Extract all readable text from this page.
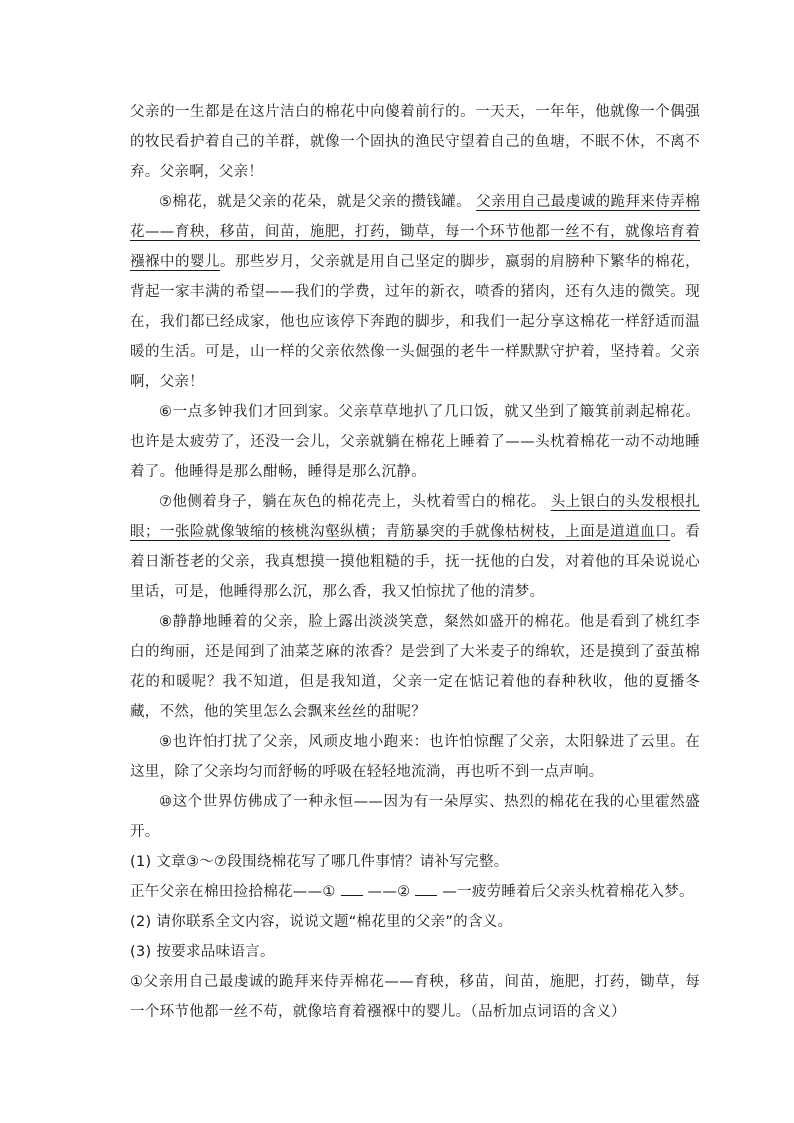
父亲的一生都是在这片洁白的棉花中向傻着前行的。一天天，一年年，他就像一个偶强的牧民看护着自己的羊群，就像一个固执的渔民守望着自己的鱼塘，不眠不休，不离不弃。父亲啊，父亲！

⑤棉花，就是父亲的花朵，就是父亲的攒钱罐。 父亲用自己最虔诚的跪拜来侍弄棉花——育秧，移苗，间苗，施肥，打药，锄草，每一个环节他都一丝不有，就像培育着襁褓中的婴儿。那些岁月，父亲就是用自己坚定的脚步，嬴弱的肩膀种下繁华的棉花，背起一家丰满的希望——我们的学费，过年的新衣，喷香的猪肉，还有久违的微笑。现在，我们都已经成家，他也应该停下奔跑的脚步，和我们一起分享这棉花一样舒适而温暖的生活。可是，山一样的父亲依然像一头倔强的老牛一样默默守护着，坚持着。父亲啊，父亲！

⑥一点多钟我们才回到家。父亲草草地扒了几口饭，就又坐到了簸箕前剥起棉花。也许是太疲劳了，还没一会儿，父亲就躺在棉花上睡着了——头枕着棉花一动不动地睡着了。他睡得是那么酣畅，睡得是那么沉静。

⑦他侧着身子，躺在灰色的棉花壳上，头枕着雪白的棉花。 头上银白的头发根根扎眼；一张险就像皱缩的核桃沟壑纵横；青筋暴突的手就像枯树枝，上面是道道血口。看着日渐苍老的父亲，我真想摸一摸他粗糙的手，抚一抚他的白发，对着他的耳朵说说心里话，可是，他睡得那么沉，那么香，我又怕惊扰了他的清梦。

⑧静静地睡着的父亲，脸上露出淡淡笑意，粲然如盛开的棉花。他是看到了桃红李白的绚丽，还是闻到了油菜芝麻的浓香？是尝到了大米麦子的绵软，还是摸到了蚕茧棉花的和暖呢？我不知道，但是我知道，父亲一定在惦记着他的春种秋收，他的夏播冬藏，不然，他的笑里怎么会飘来丝丝的甜呢？

⑨也许怕打扰了父亲，风顽皮地小跑来：也许怕惊醒了父亲，太阳躲进了云里。在这里，除了父亲均匀而舒畅的呼吸在轻轻地流淌，再也听不到一点声响。

⑩这个世界仿佛成了一种永恒——因为有一朵厚实、热烈的棉花在我的心里霍然盛开。

(1) 文章③～⑦段围绕棉花写了哪几件事情？请补写完整。

正午父亲在棉田捡拾棉花——①  ——②  —一疲劳睡着后父亲头枕着棉花入梦。

(2) 请你联系全文内容，说说文题“棉花里的父亲”的含义。

(3) 按要求品味语言。

①父亲用自己最虔诚的跪拜来侍弄棉花——育秧，移苗，间苗，施肥，打药，锄草，每一个环节他都一丝不苟，就像培育着襁褓中的婴儿。（品析加点词语的含义）
